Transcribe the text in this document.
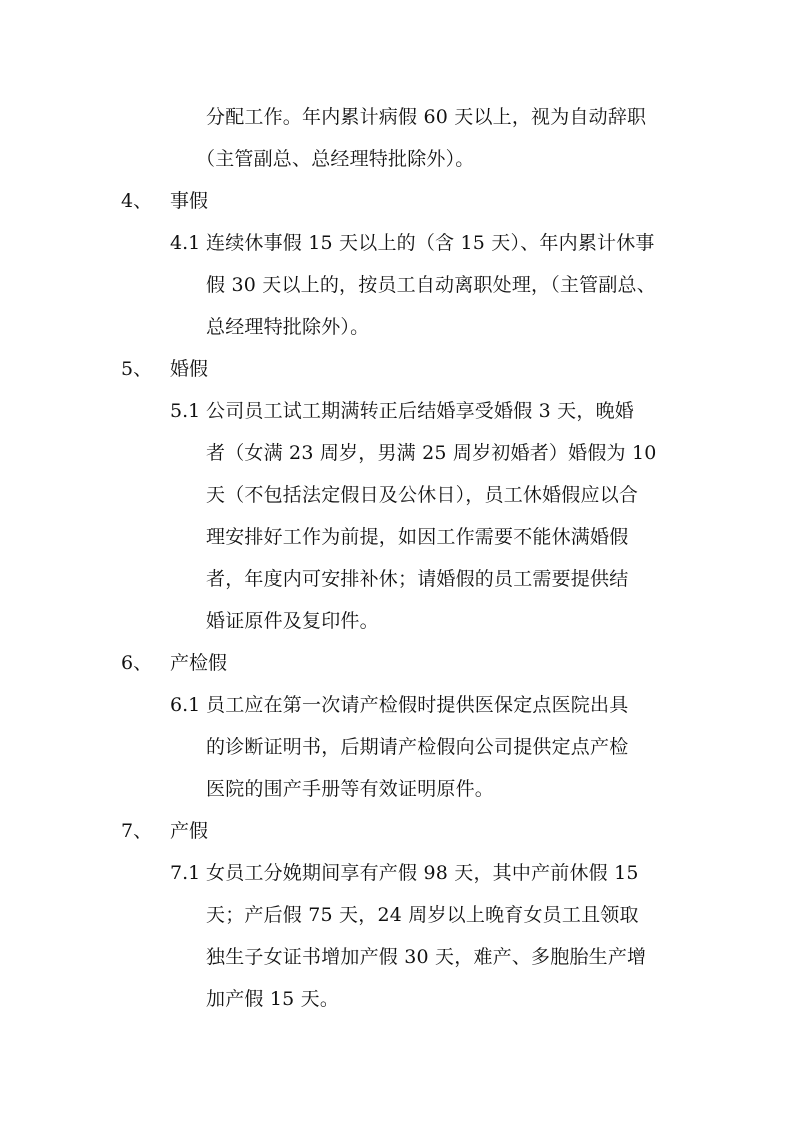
分配工作。年内累计病假 60 天以上，视为自动辞职
（主管副总、总经理特批除外）。
4、 事假
4.1 连续休事假 15 天以上的（含 15 天）、年内累计休事
假 30 天以上的，按员工自动离职处理，（主管副总、
总经理特批除外）。
5、 婚假
5.1 公司员工试工期满转正后结婚享受婚假 3 天，晚婚
者（女满 23 周岁，男满 25 周岁初婚者）婚假为 10
天（不包括法定假日及公休日），员工休婚假应以合
理安排好工作为前提，如因工作需要不能休满婚假
者，年度内可安排补休；请婚假的员工需要提供结
婚证原件及复印件。
6、 产检假
6.1 员工应在第一次请产检假时提供医保定点医院出具
的诊断证明书，后期请产检假向公司提供定点产检
医院的围产手册等有效证明原件。
7、 产假
7.1 女员工分娩期间享有产假 98 天，其中产前休假 15
天；产后假 75 天，24 周岁以上晚育女员工且领取
独生子女证书增加产假 30 天，难产、多胞胎生产增
加产假 15 天。
